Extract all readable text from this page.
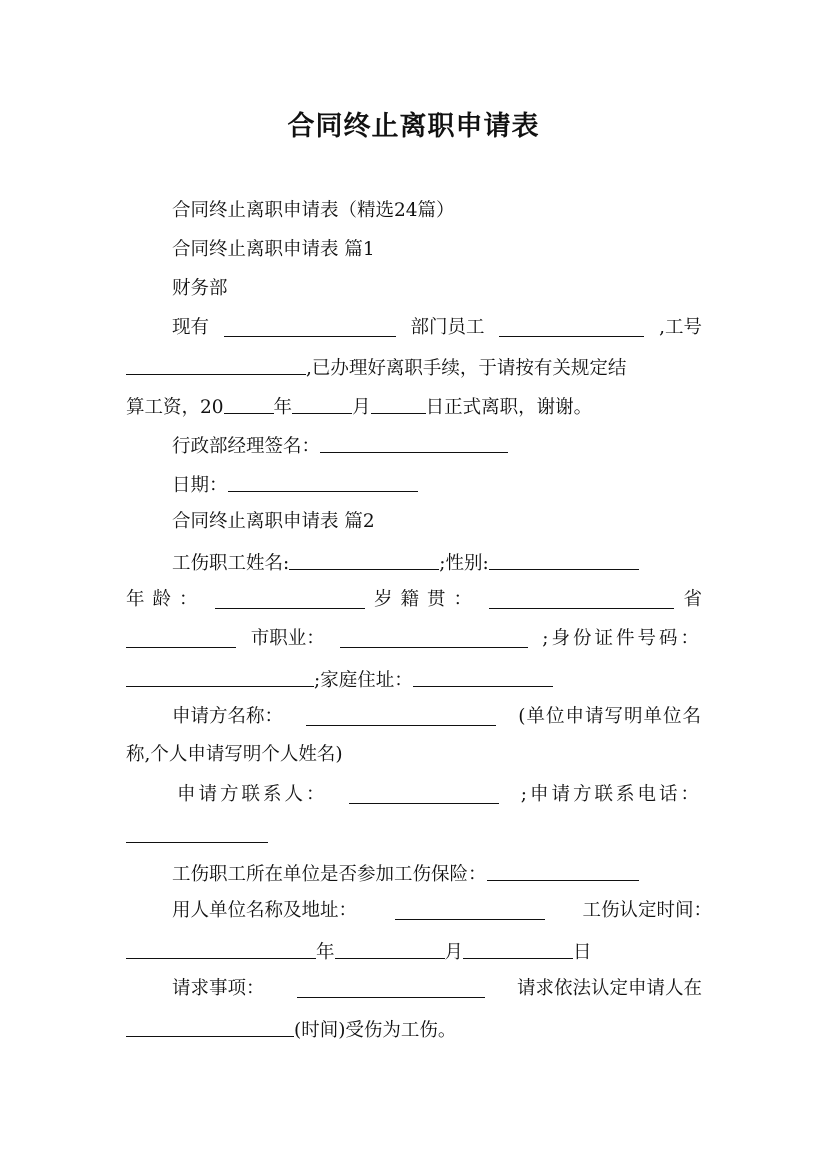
合同终止离职申请表
合同终止离职申请表（精选24篇）
合同终止离职申请表 篇1
财务部
现有	部门员工	,工号
,已办理好离职手续，于请按有关规定结
算工资，20	年	月	日正式离职，谢谢。
行政部经理签名：
日期：
合同终止离职申请表 篇2
工伤职工姓名:	;性别:
年龄：	岁籍贯：	省
市职业：	;身份证件号码：
;家庭住址：
申请方名称：	(单位申请写明单位名
称,个人申请写明个人姓名)
申请方联系人：	;申请方联系电话：
工伤职工所在单位是否参加工伤保险：
用人单位名称及地址：	工伤认定时间：
年	月	日
请求事项：	请求依法认定申请人在
(时间)受伤为工伤。
